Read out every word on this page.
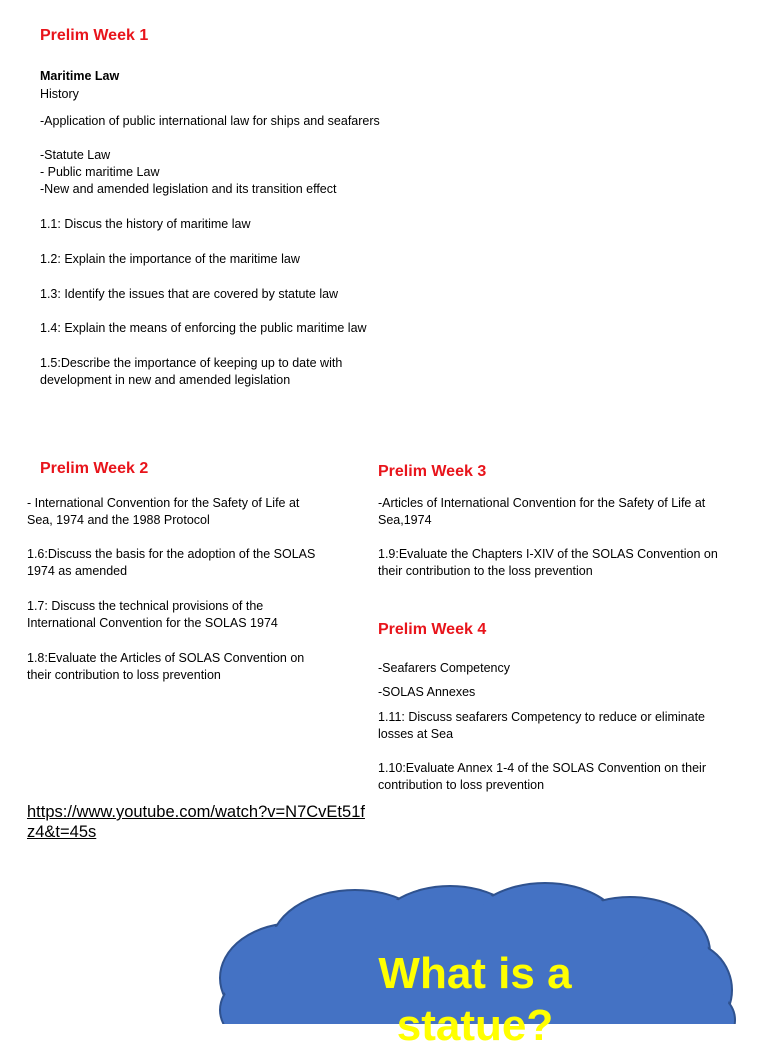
Prelim Week 1
Maritime Law
History
-Application of public international law for ships and seafarers
-Statute Law
- Public maritime Law
-New and amended legislation and its transition effect
1.1: Discus the history of maritime law
1.2: Explain the importance of the maritime law
1.3: Identify the issues that are covered by statute law
1.4: Explain the means of enforcing the public maritime law
1.5:Describe the importance of keeping up to date with
development in new and amended legislation
Prelim Week 2
- International Convention for the Safety of Life at
Sea, 1974 and the 1988 Protocol
1.6:Discuss the basis for the adoption of the SOLAS
1974 as amended
1.7: Discuss the technical provisions of the
International Convention for the SOLAS 1974
1.8:Evaluate the Articles of SOLAS Convention on
their contribution to loss prevention
Prelim Week 3
-Articles of International Convention for the Safety of Life at
Sea,1974
1.9:Evaluate the Chapters I-XIV of the SOLAS Convention on
their contribution to the loss prevention
Prelim Week 4
-Seafarers Competency
-SOLAS Annexes
1.11: Discuss seafarers Competency to reduce or eliminate
losses at Sea
1.10:Evaluate Annex 1-4 of the SOLAS Convention on their
contribution to loss prevention
https://www.youtube.com/watch?v=N7CvEt51f
z4&t=45s
What is a
statue?
